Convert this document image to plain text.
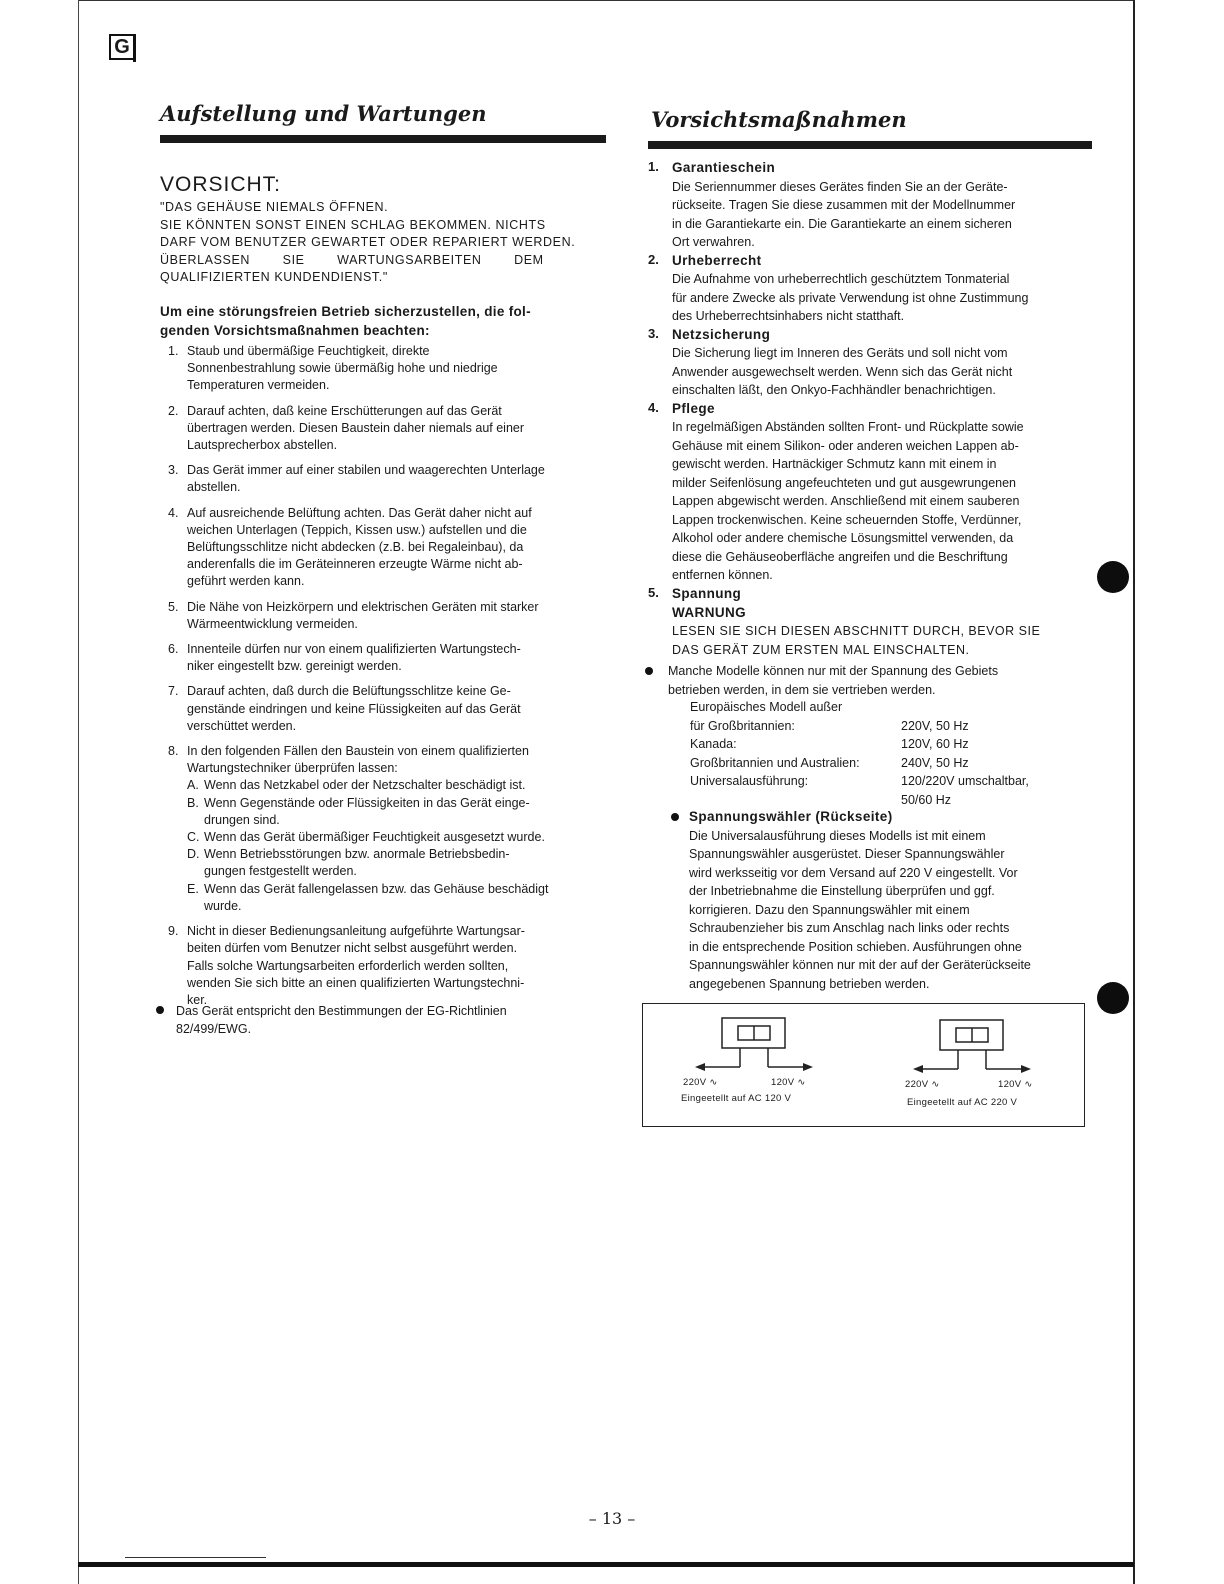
G
Aufstellung und Wartungen
VORSICHT:
"DAS GEHÄUSE NIEMALS ÖFFNEN.
SIE KÖNNTEN SONST EINEN SCHLAG BEKOMMEN. NICHTS
DARF VOM BENUTZER GEWARTET ODER REPARIERT WERDEN.
ÜBERLASSEN        SIE        WARTUNGSARBEITEN        DEM
QUALIFIZIERTEN KUNDENDIENST."
Um eine störungsfreien Betrieb sicherzustellen, die fol-
genden Vorsichtsmaßnahmen beachten:
1. Staub und übermäßige Feuchtigkeit, direkte
Sonnenbestrahlung sowie übermäßig hohe und niedrige
Temperaturen vermeiden.
2. Darauf achten, daß keine Erschütterungen auf das Gerät
übertragen werden. Diesen Baustein daher niemals auf einer
Lautsprecherbox abstellen.
3. Das Gerät immer auf einer stabilen und waagerechten Unterlage
abstellen.
4. Auf ausreichende Belüftung achten. Das Gerät daher nicht auf
weichen Unterlagen (Teppich, Kissen usw.) aufstellen und die
Belüftungsschlitze nicht abdecken (z.B. bei Regaleinbau), da
anderenfalls die im Geräteinneren erzeugte Wärme nicht ab-
geführt werden kann.
5. Die Nähe von Heizkörpern und elektrischen Geräten mit starker
Wärmeentwicklung vermeiden.
6. Innenteile dürfen nur von einem qualifizierten Wartungstech-
niker eingestellt bzw. gereinigt werden.
7. Darauf achten, daß durch die Belüftungsschlitze keine Ge-
genstände eindringen und keine Flüssigkeiten auf das Gerät
verschüttet werden.
8. In den folgenden Fällen den Baustein von einem qualifizierten
Wartungstechniker überprüfen lassen:
A. Wenn das Netzkabel oder der Netzschalter beschädigt ist.
B. Wenn Gegenstände oder Flüssigkeiten in das Gerät einge-
drungen sind.
C. Wenn das Gerät übermäßiger Feuchtigkeit ausgesetzt wurde.
D. Wenn Betriebsstörungen bzw. anormale Betriebsbedin-
gungen festgestellt werden.
E. Wenn das Gerät fallengelassen bzw. das Gehäuse beschädigt
wurde.
9. Nicht in dieser Bedienungsanleitung aufgeführte Wartungsar-
beiten dürfen vom Benutzer nicht selbst ausgeführt werden.
Falls solche Wartungsarbeiten erforderlich werden sollten,
wenden Sie sich bitte an einen qualifizierten Wartungstechni-
ker.
Das Gerät entspricht den Bestimmungen der EG-Richtlinien
82/499/EWG.
Vorsichtsmaßnahmen
1. Garantieschein
Die Seriennummer dieses Gerätes finden Sie an der Geräte-
rückseite. Tragen Sie diese zusammen mit der Modellnummer
in die Garantiekarte ein. Die Garantiekarte an einem sicheren
Ort verwahren.
2. Urheberrecht
Die Aufnahme von urheberrechtlich geschütztem Tonmaterial
für andere Zwecke als private Verwendung ist ohne Zustimmung
des Urheberrechtsinhabers nicht statthaft.
3. Netzsicherung
Die Sicherung liegt im Inneren des Geräts und soll nicht vom
Anwender ausgewechselt werden. Wenn sich das Gerät nicht
einschalten läßt, den Onkyo-Fachhändler benachrichtigen.
4. Pflege
In regelmäßigen Abständen sollten Front- und Rückplatte sowie
Gehäuse mit einem Silikon- oder anderen weichen Lappen ab-
gewischt werden. Hartnäckiger Schmutz kann mit einem in
milder Seifenlösung angefeuchteten und gut ausgewrungenen
Lappen abgewischt werden. Anschließend mit einem sauberen
Lappen trockenwischen. Keine scheuernden Stoffe, Verdünner,
Alkohol oder andere chemische Lösungsmittel verwenden, da
diese die Gehäuseoberfläche angreifen und die Beschriftung
entfernen können.
5. Spannung
WARNUNG
LESEN SIE SICH DIESEN ABSCHNITT DURCH, BEVOR SIE
DAS GERÄT ZUM ERSTEN MAL EINSCHALTEN.
Manche Modelle können nur mit der Spannung des Gebiets
betrieben werden, in dem sie vertrieben werden.
Europäisches Modell außer	
für Großbritannien:	220V, 50 Hz
Kanada:	120V, 60 Hz
Großbritannien und Australien:	240V, 50 Hz
Universalausführung:	120/220V umschaltbar,
	50/60 Hz
Spannungswähler (Rückseite)
Die Universalausführung dieses Modells ist mit einem
Spannungswähler ausgerüstet. Dieser Spannungswähler
wird werksseitig vor dem Versand auf 220 V eingestellt. Vor
der Inbetriebnahme die Einstellung überprüfen und ggf.
korrigieren. Dazu den Spannungswähler mit einem
Schraubenzieher bis zum Anschlag nach links oder rechts
in die entsprechende Position schieben. Ausführungen ohne
Spannungswähler können nur mit der auf der Geräterückseite
angegebenen Spannung betrieben werden.
220V ∿	120V ∿
Eingeetellt auf AC 120 V
220V ∿	120V ∿
Eingeetellt auf AC 220 V
– 13 –
